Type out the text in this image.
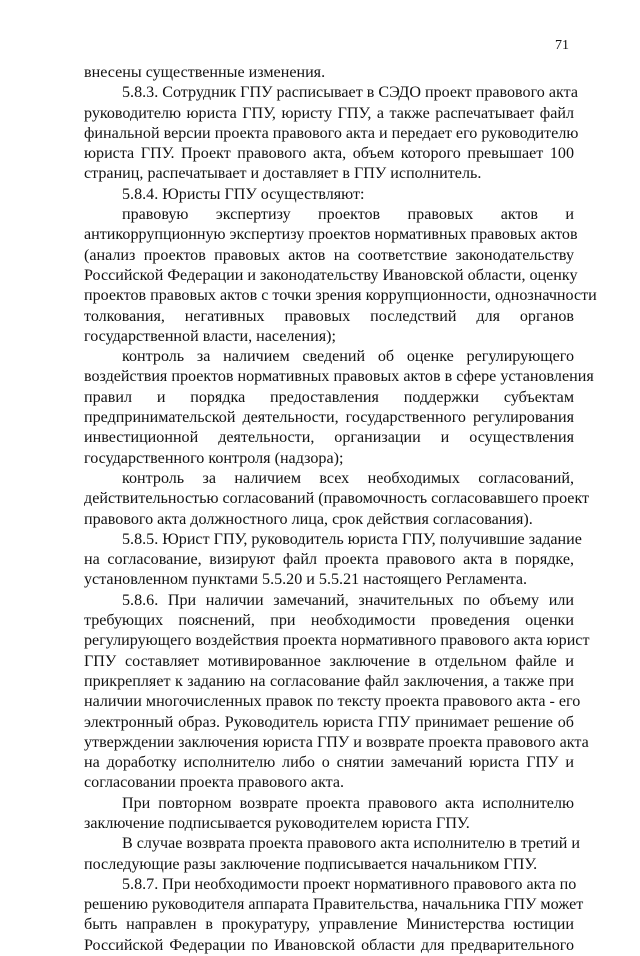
71
внесены существенные изменения.
5.8.3. Сотрудник ГПУ расписывает в СЭДО проект правового акта
руководителю юриста ГПУ, юристу ГПУ, а также распечатывает файл
финальной версии проекта правового акта и передает его руководителю
юриста ГПУ. Проект правового акта, объем которого превышает 100
страниц, распечатывает и доставляет в ГПУ исполнитель.
5.8.4. Юристы ГПУ осуществляют:
правовую экспертизу проектов правовых актов и
антикоррупционную экспертизу проектов нормативных правовых актов
(анализ проектов правовых актов на соответствие законодательству
Российской Федерации и законодательству Ивановской области, оценку
проектов правовых актов с точки зрения коррупционности, однозначности
толкования, негативных правовых последствий для органов
государственной власти, населения);
контроль за наличием сведений об оценке регулирующего
воздействия проектов нормативных правовых актов в сфере установления
правил и порядка предоставления поддержки субъектам
предпринимательской деятельности, государственного регулирования
инвестиционной деятельности, организации и осуществления
государственного контроля (надзора);
контроль за наличием всех необходимых согласований,
действительностью согласований (правомочность согласовавшего проект
правового акта должностного лица, срок действия согласования).
5.8.5. Юрист ГПУ, руководитель юриста ГПУ, получившие задание
на согласование, визируют файл проекта правового акта в порядке,
установленном пунктами 5.5.20 и 5.5.21 настоящего Регламента.
5.8.6. При наличии замечаний, значительных по объему или
требующих пояснений, при необходимости проведения оценки
регулирующего воздействия проекта нормативного правового акта юрист
ГПУ составляет мотивированное заключение в отдельном файле и
прикрепляет к заданию на согласование файл заключения, а также при
наличии многочисленных правок по тексту проекта правового акта - его
электронный образ. Руководитель юриста ГПУ принимает решение об
утверждении заключения юриста ГПУ и возврате проекта правового акта
на доработку исполнителю либо о снятии замечаний юриста ГПУ и
согласовании проекта правового акта.
При повторном возврате проекта правового акта исполнителю
заключение подписывается руководителем юриста ГПУ.
В случае возврата проекта правового акта исполнителю в третий и
последующие разы заключение подписывается начальником ГПУ.
5.8.7. При необходимости проект нормативного правового акта по
решению руководителя аппарата Правительства, начальника ГПУ может
быть направлен в прокуратуру, управление Министерства юстиции
Российской Федерации по Ивановской области для предварительного
